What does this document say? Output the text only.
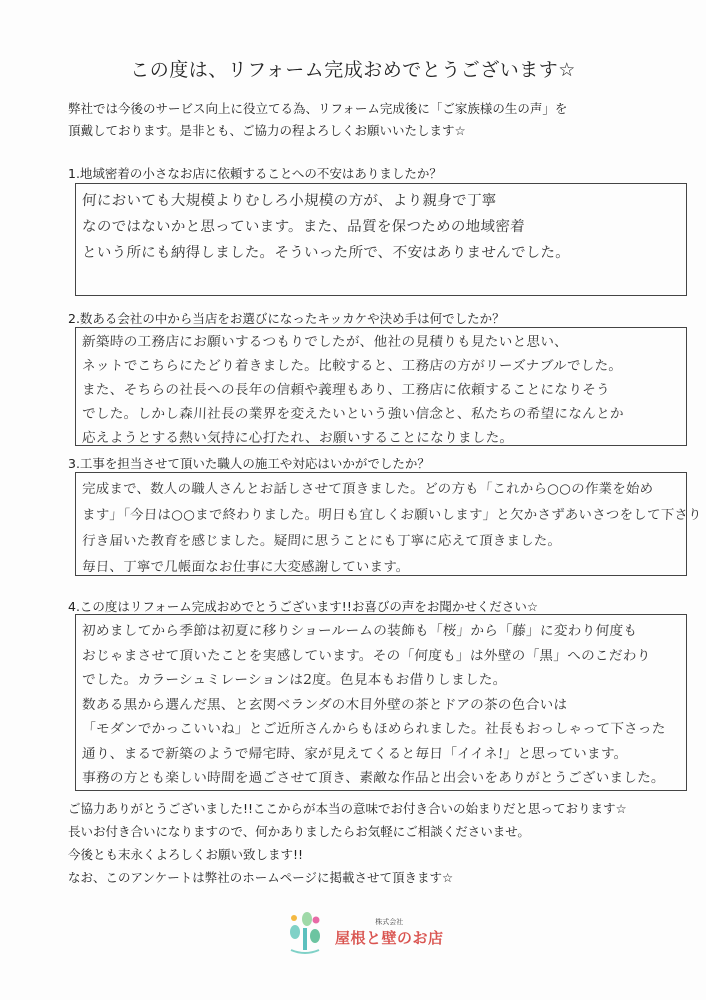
この度は、リフォーム完成おめでとうございます☆
弊社では今後のサービス向上に役立てる為、リフォーム完成後に「ご家族様の生の声」を
頂戴しております。是非とも、ご協力の程よろしくお願いいたします☆
1.地域密着の小さなお店に依頼することへの不安はありましたか？
何においても大規模よりむしろ小規模の方が、より親身で丁寧
なのではないかと思っています。また、品質を保つための地域密着
という所にも納得しました。そういった所で、不安はありませんでした。
2.数ある会社の中から当店をお選びになったキッカケや決め手は何でしたか？
新築時の工務店にお願いするつもりでしたが、他社の見積りも見たいと思い、
ネットでこちらにたどり着きました。比較すると、工務店の方がリーズナブルでした。
また、そちらの社長への長年の信頼や義理もあり、工務店に依頼することになりそう
でした。しかし森川社長の業界を変えたいという強い信念と、私たちの希望になんとか
応えようとする熱い気持に心打たれ、お願いすることになりました。
3.工事を担当させて頂いた職人の施工や対応はいかがでしたか？
完成まで、数人の職人さんとお話しさせて頂きました。どの方も「これから○○の作業を始め
ます」「今日は○○まで終わりました。明日も宜しくお願いします」と欠かさずあいさつをして下さり
行き届いた教育を感じました。疑問に思うことにも丁寧に応えて頂きました。
毎日、丁寧で几帳面なお仕事に大変感謝しています。
4.この度はリフォーム完成おめでとうございます!!お喜びの声をお聞かせください☆
初めましてから季節は初夏に移りショールームの装飾も「桜」から「藤」に変わり何度も
おじゃまさせて頂いたことを実感しています。その「何度も」は外壁の「黒」へのこだわり
でした。カラーシュミレーションは2度。色見本もお借りしました。
数ある黒から選んだ黒、と玄関ベランダの木目外壁の茶とドアの茶の色合いは
「モダンでかっこいいね」とご近所さんからもほめられました。社長もおっしゃって下さった
通り、まるで新築のようで帰宅時、家が見えてくると毎日「イイネ!」と思っています。
事務の方とも楽しい時間を過ごさせて頂き、素敵な作品と出会いをありがとうございました。
ご協力ありがとうございました!!ここからが本当の意味でお付き合いの始まりだと思っております☆
長いお付き合いになりますので、何かありましたらお気軽にご相談くださいませ。
今後とも末永くよろしくお願い致します!!
なお、このアンケートは弊社のホームページに掲載させて頂きます☆
株式会社
屋根と壁のお店
